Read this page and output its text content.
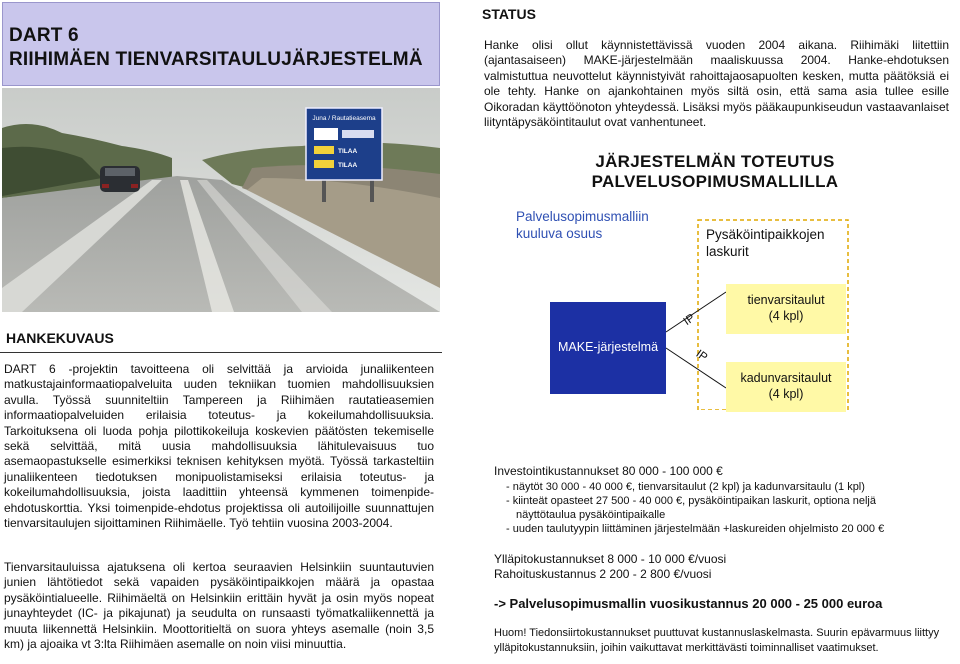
DART 6
RIIHIMÄEN TIENVARSITAULUJÄRJESTELMÄ
Juna / Rautatieasema
TILAA
TILAA
HANKEKUVAUS

DART 6 -projektin tavoitteena oli selvittää ja arvioida junaliikenteen matkustajainformaatiopalveluita uuden tekniikan tuomien mahdollisuuksien avulla. Työssä suunniteltiin Tampereen ja Riihimäen rautatieasemien informaatiopalveluiden erilaisia toteutus- ja kokeilumahdollisuuksia. Tarkoituksena oli luoda pohja pilottikokeiluja koskevien päätösten tekemiselle sekä selvittää, mitä uusia mahdollisuuksia lähitulevaisuus tuo asemaopastukselle esimerkiksi teknisen kehityksen myötä. Työssä tarkasteltiin junaliikenteen tiedotuksen monipuolistamiseksi erilaisia toteutus- ja kokeilumahdollisuuksia, joista laadittiin yhteensä kymmenen toimenpide-ehdotuskorttia. Yksi toimenpide-ehdotus projektissa oli autoilijoille suunnattujen tienvarsitaulujen sijoittaminen Riihimäelle. Työ tehtiin vuosina 2003-2004.

Tienvarsitauluissa ajatuksena oli kertoa seuraavien Helsinkiin suuntautuvien junien lähtötiedot sekä vapaiden pysäköintipaikkojen määrä ja opastaa pysäköintialueelle. Riihimäeltä on Helsinkiin erittäin hyvät ja osin myös nopeat junayhteydet (IC- ja pikajunat) ja seudulta on runsaasti työmatkaliikennettä ja muuta liikennettä Helsinkiin. Moottoritieltä on suora yhteys asemalle (noin 3,5 km) ja ajoaika vt 3:lta Riihimäen asemalle on noin viisi minuuttia.

STATUS

Hanke olisi ollut käynnistettävissä vuoden 2004 aikana. Riihimäki liitettiin (ajantasaiseen) MAKE-järjestelmään maaliskuussa 2004. Hanke-ehdotuksen valmistuttua neuvottelut käynnistyivät rahoittajaosapuolten kesken, mutta päätöksiä ei ole tehty. Hanke on ajankohtainen myös siltä osin, että sama asia tullee esille Oikoradan käyttöönoton yhteydessä. Lisäksi myös pääkaupunkiseudun vastaavanlaiset liityntäpysäköintitaulut ovat vanhentuneet.

JÄRJESTELMÄN TOTEUTUS PALVELUSOPIMUSMALLILLA
Palvelusopimusmalliin kuuluva osuus	Pysäköintipaikkojen laskurit
MAKE-järjestelmä
IP
IP
tienvarsitaulut
(4 kpl)
kadunvarsitaulut
(4 kpl)

Investointikustannukset 80 000 - 100 000 €

- näytöt 30 000 - 40 000 €, tienvarsitaulut (2 kpl) ja kadunvarsitaulu (1 kpl)

- kiinteät opasteet 27 500 - 40 000 €, pysäköintipaikan laskurit, optiona neljä

näyttötaulua pysäköintipaikalle

- uuden taulutyypin liittäminen järjestelmään +laskureiden ohjelmisto 20 000 €

Ylläpitokustannukset 8 000 - 10 000 €/vuosi

Rahoituskustannus 2 200 - 2 800 €/vuosi

-> Palvelusopimusmallin vuosikustannus 20 000 - 25 000 euroa

Huom! Tiedonsiirtokustannukset puuttuvat kustannuslaskelmasta. Suurin epävarmuus liittyy ylläpitokustannuksiin, joihin vaikuttavat merkittävästi toiminnalliset vaatimukset.
